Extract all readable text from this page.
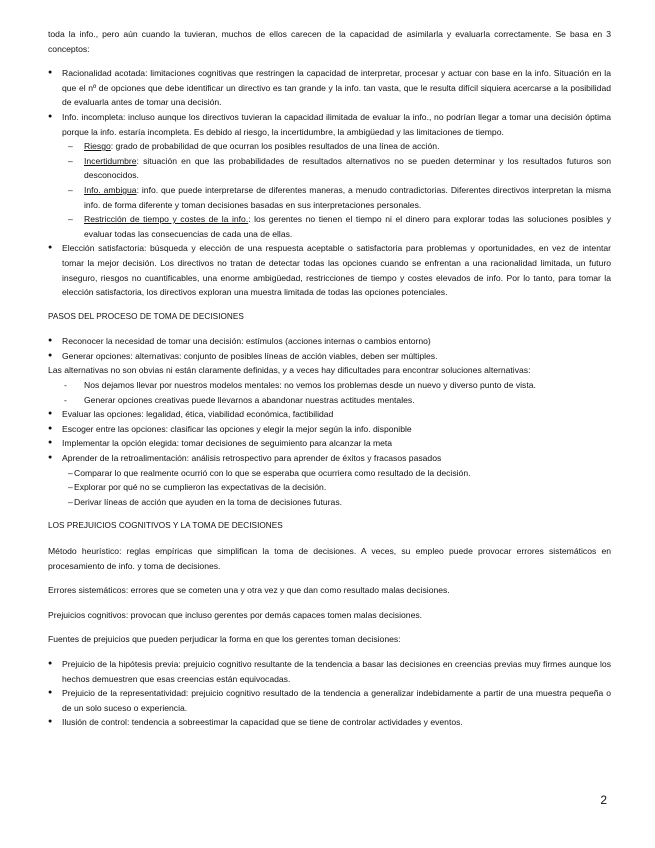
toda la info., pero aún cuando la tuvieran, muchos de ellos carecen de la capacidad de asimilarla y evaluarla correctamente. Se basa en 3 conceptos:

● Racionalidad acotada: limitaciones cognitivas que restringen la capacidad de interpretar, procesar y actuar con base en la info. Situación en la que el nº de opciones que debe identificar un directivo es tan grande y la info. tan vasta, que le resulta difícil siquiera acercarse a la posibilidad de evaluarla antes de tomar una decisión.
● Info. incompleta: incluso aunque los directivos tuvieran la capacidad ilimitada de evaluar la info., no podrían llegar a tomar una decisión óptima porque la info. estaría incompleta. Es debido al riesgo, la incertidumbre, la ambigüedad y las limitaciones de tiempo.
– Riesgo: grado de probabilidad de que ocurran los posibles resultados de una línea de acción.
– Incertidumbre: situación en que las probabilidades de resultados alternativos no se pueden determinar y los resultados futuros son desconocidos.
– Info. ambigua: info. que puede interpretarse de diferentes maneras, a menudo contradictorias. Diferentes directivos interpretan la misma info. de forma diferente y toman decisiones basadas en sus interpretaciones personales.
– Restricción de tiempo y costes de la info.: los gerentes no tienen el tiempo ni el dinero para explorar todas las soluciones posibles y evaluar todas las consecuencias de cada una de ellas.
● Elección satisfactoria: búsqueda y elección de una respuesta aceptable o satisfactoria para problemas y oportunidades, en vez de intentar tomar la mejor decisión. Los directivos no tratan de detectar todas las opciones cuando se enfrentan a una racionalidad limitada, un futuro inseguro, riesgos no cuantificables, una enorme ambigüedad, restricciones de tiempo y costes elevados de info. Por lo tanto, para tomar la elección satisfactoria, los directivos exploran una muestra limitada de todas las opciones potenciales.

PASOS DEL PROCESO DE TOMA DE DECISIONES

● Reconocer la necesidad de tomar una decisión: estímulos (acciones internas o cambios entorno)
● Generar opciones: alternativas: conjunto de posibles líneas de acción viables, deben ser múltiples.

Las alternativas no son obvias ni están claramente definidas, y a veces hay dificultades para encontrar soluciones alternativas:

- Nos dejamos llevar por nuestros modelos mentales: no vemos los problemas desde un nuevo y diverso punto de vista.
- Generar opciones creativas puede llevarnos a abandonar nuestras actitudes mentales.
● Evaluar las opciones: legalidad, ética, viabilidad económica, factibilidad
● Escoger entre las opciones: clasificar las opciones y elegir la mejor según la info. disponible
● Implementar la opción elegida: tomar decisiones de seguimiento para alcanzar la meta
● Aprender de la retroalimentación: análisis retrospectivo para aprender de éxitos y fracasos pasados
– Comparar lo que realmente ocurrió con lo que se esperaba que ocurriera como resultado de la decisión.
– Explorar por qué no se cumplieron las expectativas de la decisión.
– Derivar líneas de acción que ayuden en la toma de decisiones futuras.

LOS PREJUICIOS COGNITIVOS Y LA TOMA DE DECISIONES

Método heurístico: reglas empíricas que simplifican la toma de decisiones. A veces, su empleo puede provocar errores sistemáticos en procesamiento de info. y toma de decisiones.

Errores sistemáticos: errores que se cometen una y otra vez y que dan como resultado malas decisiones.

Prejuicios cognitivos: provocan que incluso gerentes por demás capaces tomen malas decisiones.

Fuentes de prejuicios que pueden perjudicar la forma en que los gerentes toman decisiones:

● Prejuicio de la hipótesis previa: prejuicio cognitivo resultante de la tendencia a basar las decisiones en creencias previas muy firmes aunque los hechos demuestren que esas creencias están equivocadas.
● Prejuicio de la representatividad: prejuicio cognitivo resultado de la tendencia a generalizar indebidamente a partir de una muestra pequeña o de un solo suceso o experiencia.
● Ilusión de control: tendencia a sobreestimar la capacidad que se tiene de controlar actividades y eventos.
2
